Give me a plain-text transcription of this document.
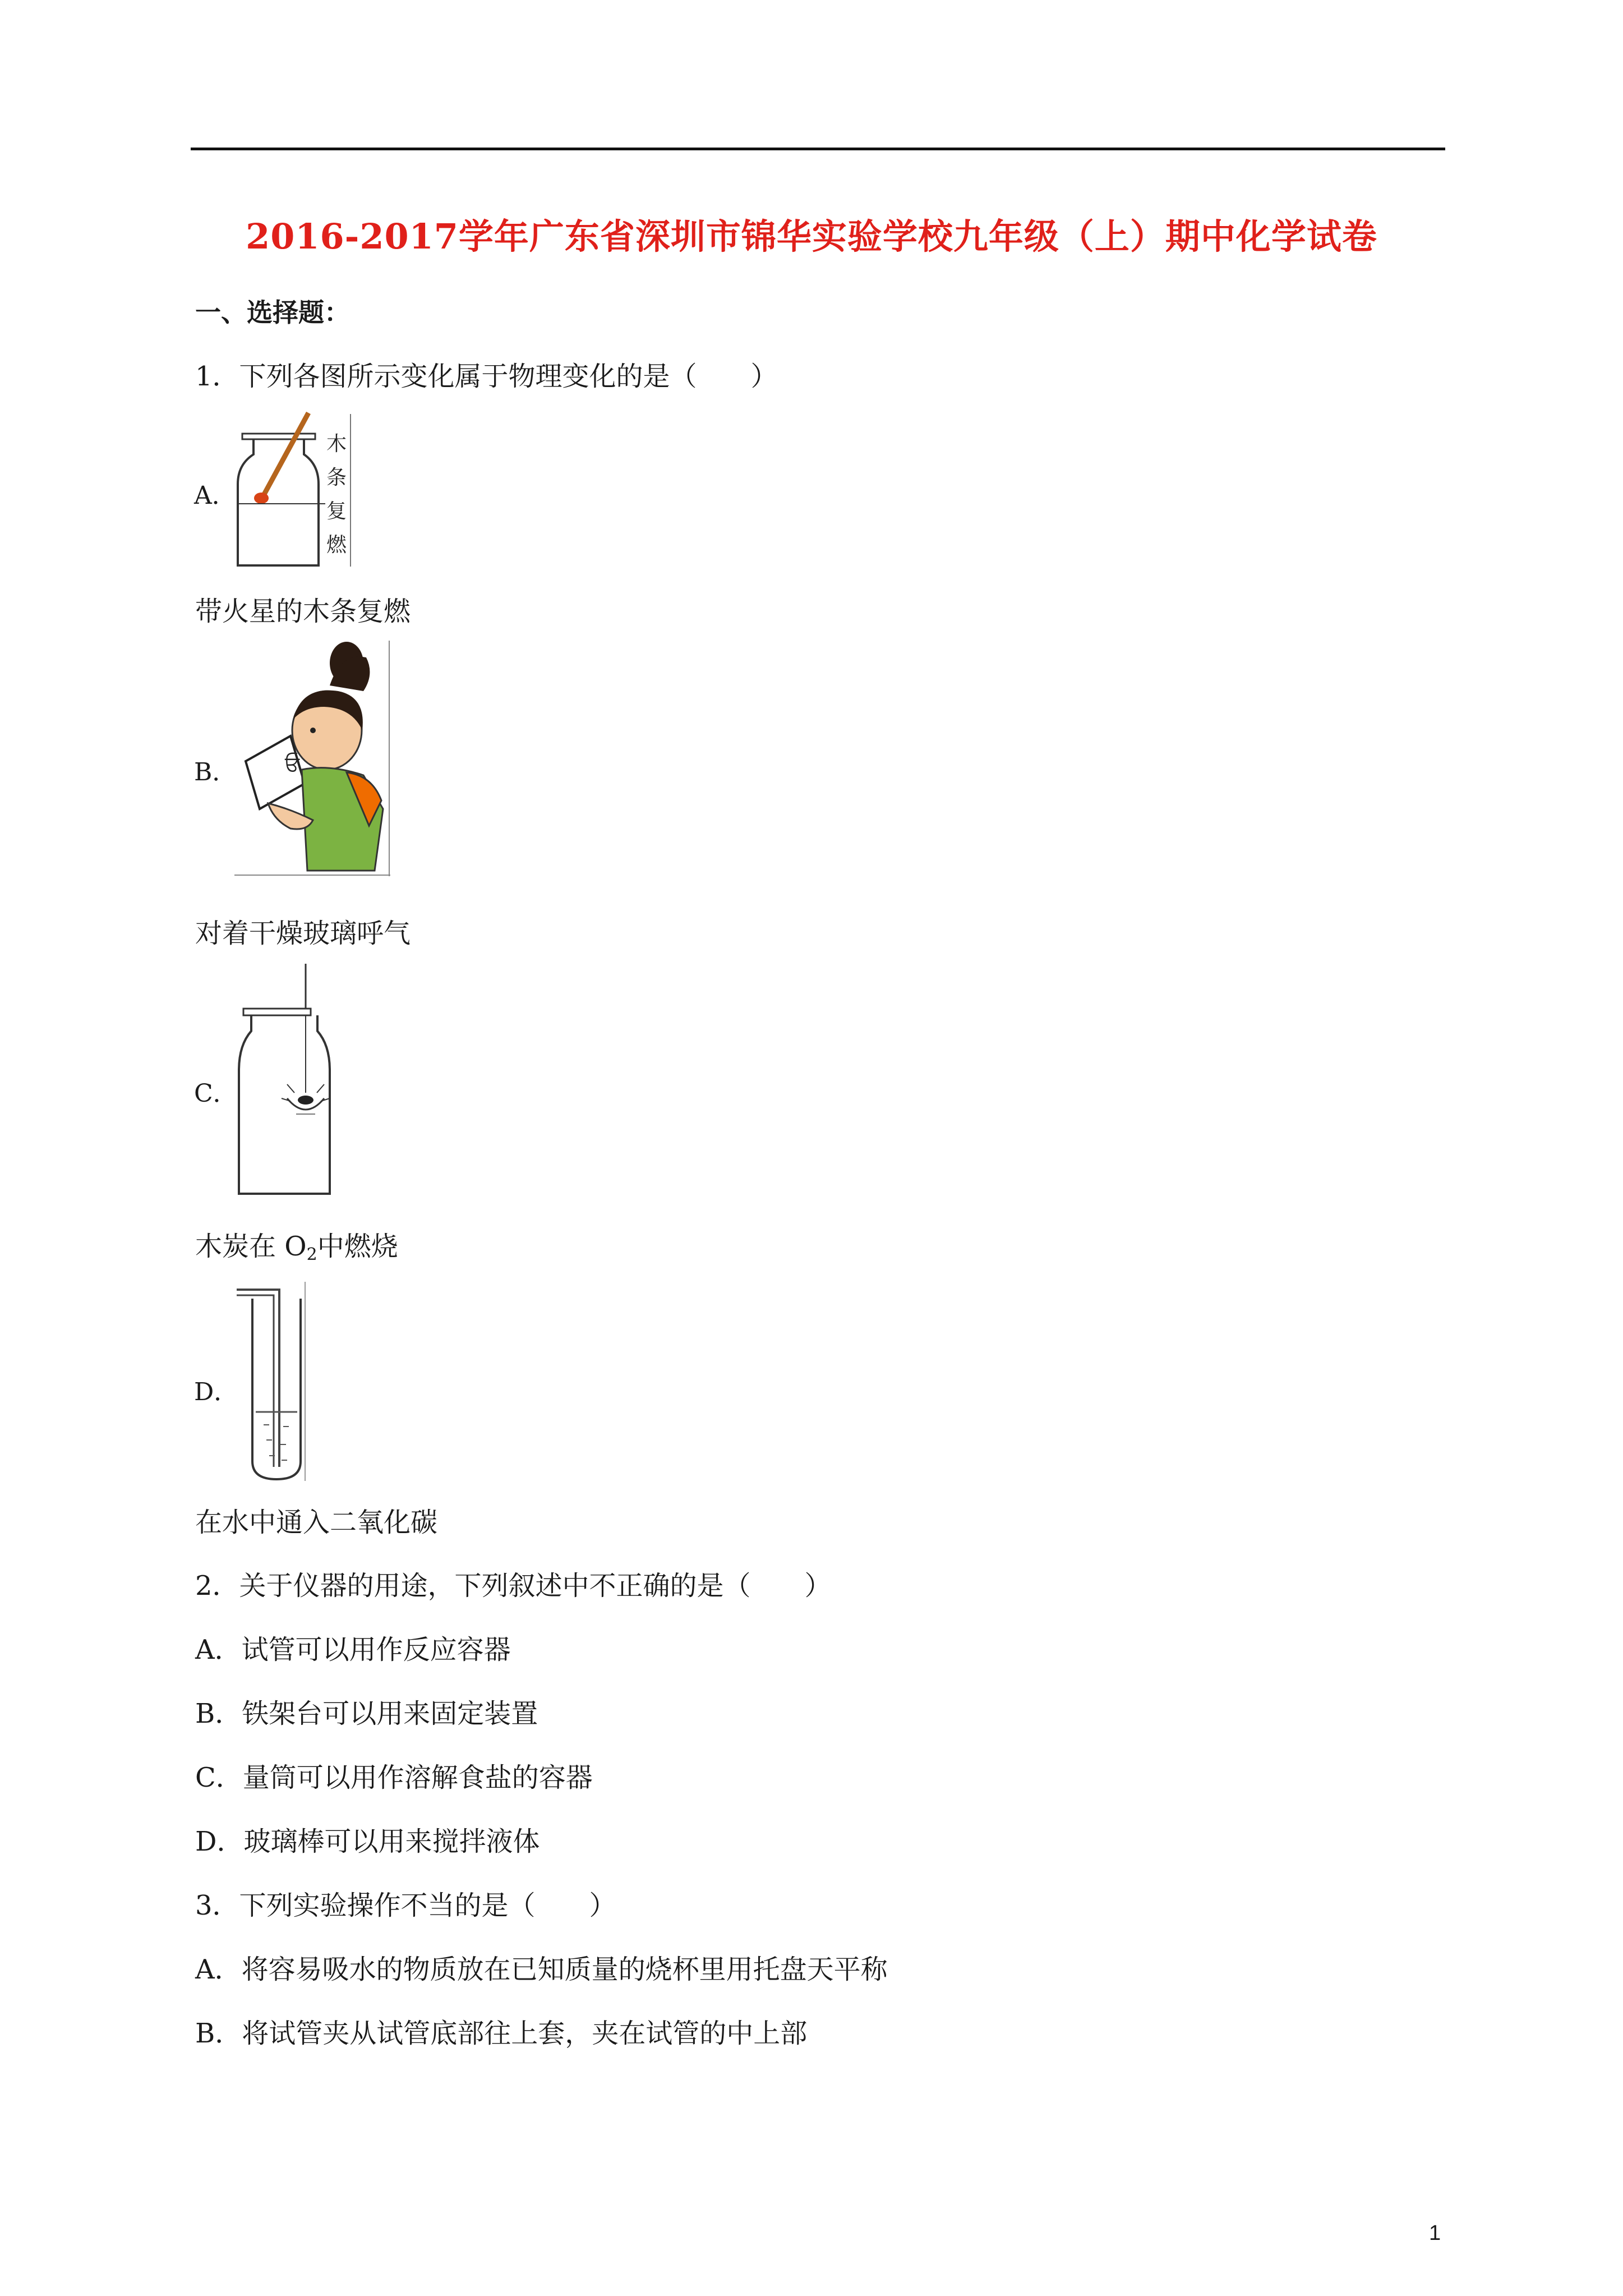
2016-2017学年广东省深圳市锦华实验学校九年级（上）期中化学试卷
一、选择题：
1．下列各图所示变化属于物理变化的是（　　）
A．
木
条
复
燃
带火星的木条复燃
B． ਓ
对着干燥玻璃呼气
C．
木炭在 $O_2$中燃烧
D．
在水中通入二氧化碳
2．关于仪器的用途，下列叙述中不正确的是（　　）
A．试管可以用作反应容器
B．铁架台可以用来固定装置
C．量筒可以用作溶解食盐的容器
D．玻璃棒可以用来搅拌液体
3．下列实验操作不当的是（　　）
A．将容易吸水的物质放在已知质量的烧杯里用托盘天平称
B．将试管夹从试管底部往上套，夹在试管的中上部
1
